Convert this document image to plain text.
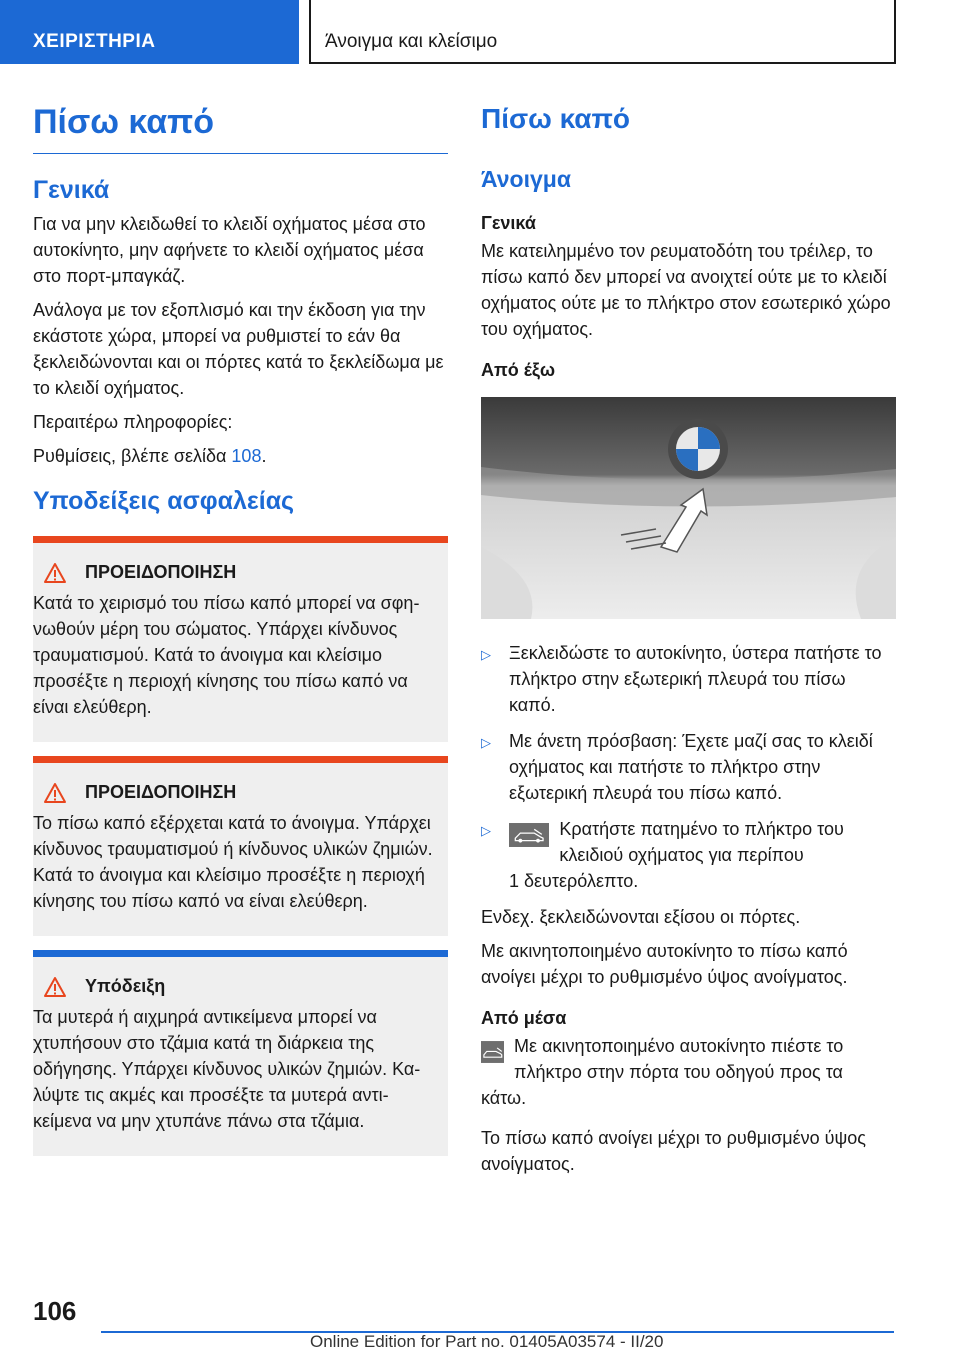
ΧΕΙΡΙΣΤΗΡΙΑ	Άνοιγμα και κλείσιμο
Πίσω καπό
Γενικά
Για να μην κλειδωθεί το κλειδί οχήματος μέσα στο αυτοκίνητο, μην αφήνετε το κλειδί οχήματος μέσα στο πορτ-μπαγκάζ.
Ανάλογα με τον εξοπλισμό και την έκδοση για την εκάστοτε χώρα, μπορεί να ρυθμιστεί το εάν θα ξεκλειδώνονται και οι πόρτες κατά το ξεκλείδωμα με το κλειδί οχήματος.
Περαιτέρω πληροφορίες:
Ρυθμίσεις, βλέπε σελίδα 108.
Υποδείξεις ασφαλείας
ΠΡΟΕΙΔΟΠΟΙΗΣΗ
Κατά το χειρισμό του πίσω καπό μπορεί να σφηνωθούν μέρη του σώματος. Υπάρχει κίνδυνος τραυματισμού. Κατά το άνοιγμα και κλείσιμο προσέξτε η περιοχή κίνησης του πίσω καπό να είναι ελεύθερη.
ΠΡΟΕΙΔΟΠΟΙΗΣΗ
Το πίσω καπό εξέρχεται κατά το άνοιγμα. Υπάρχει κίνδυνος τραυματισμού ή κίνδυνος υλικών ζημιών. Κατά το άνοιγμα και κλείσιμο προσέξτε η περιοχή κίνησης του πίσω καπό να είναι ελεύθερη.
Υπόδειξη
Τα μυτερά ή αιχμηρά αντικείμενα μπορεί να χτυπήσουν στο τζάμια κατά τη διάρκεια της οδήγησης. Υπάρχει κίνδυνος υλικών ζημιών. Καλύψτε τις ακμές και προσέξτε τα μυτερά αντικείμενα να μην χτυπάνε πάνω στα τζάμια.
Πίσω καπό
Άνοιγμα
Γενικά
Με κατειλημμένο τον ρευματοδότη του τρέιλερ, το πίσω καπό δεν μπορεί να ανοιχτεί ούτε με το κλειδί οχήματος ούτε με το πλήκτρο στον εσωτερικό χώρο του οχήματος.
Από έξω
▷	Ξεκλειδώστε το αυτοκίνητο, ύστερα πατήστε το πλήκτρο στην εξωτερική πλευρά του πίσω καπό.
▷	Με άνετη πρόσβαση: Έχετε μαζί σας το κλειδί οχήματος και πατήστε το πλήκτρο στην εξωτερική πλευρά του πίσω καπό.
▷	Κρατήστε πατημένο το πλήκτρο του κλειδιού οχήματος για περίπου
1 δευτερόλεπτο.
Ενδεχ. ξεκλειδώνονται εξίσου οι πόρτες.
Με ακινητοποιημένο αυτοκίνητο το πίσω καπό ανοίγει μέχρι το ρυθμισμένο ύψος ανοίγματος.
Από μέσα
Με ακινητοποιημένο αυτοκίνητο πιέστε το πλήκτρο στην πόρτα του οδηγού προς τα
κάτω.
Το πίσω καπό ανοίγει μέχρι το ρυθμισμένο ύψος ανοίγματος.
106
Online Edition for Part no. 01405A03574 - II/20
